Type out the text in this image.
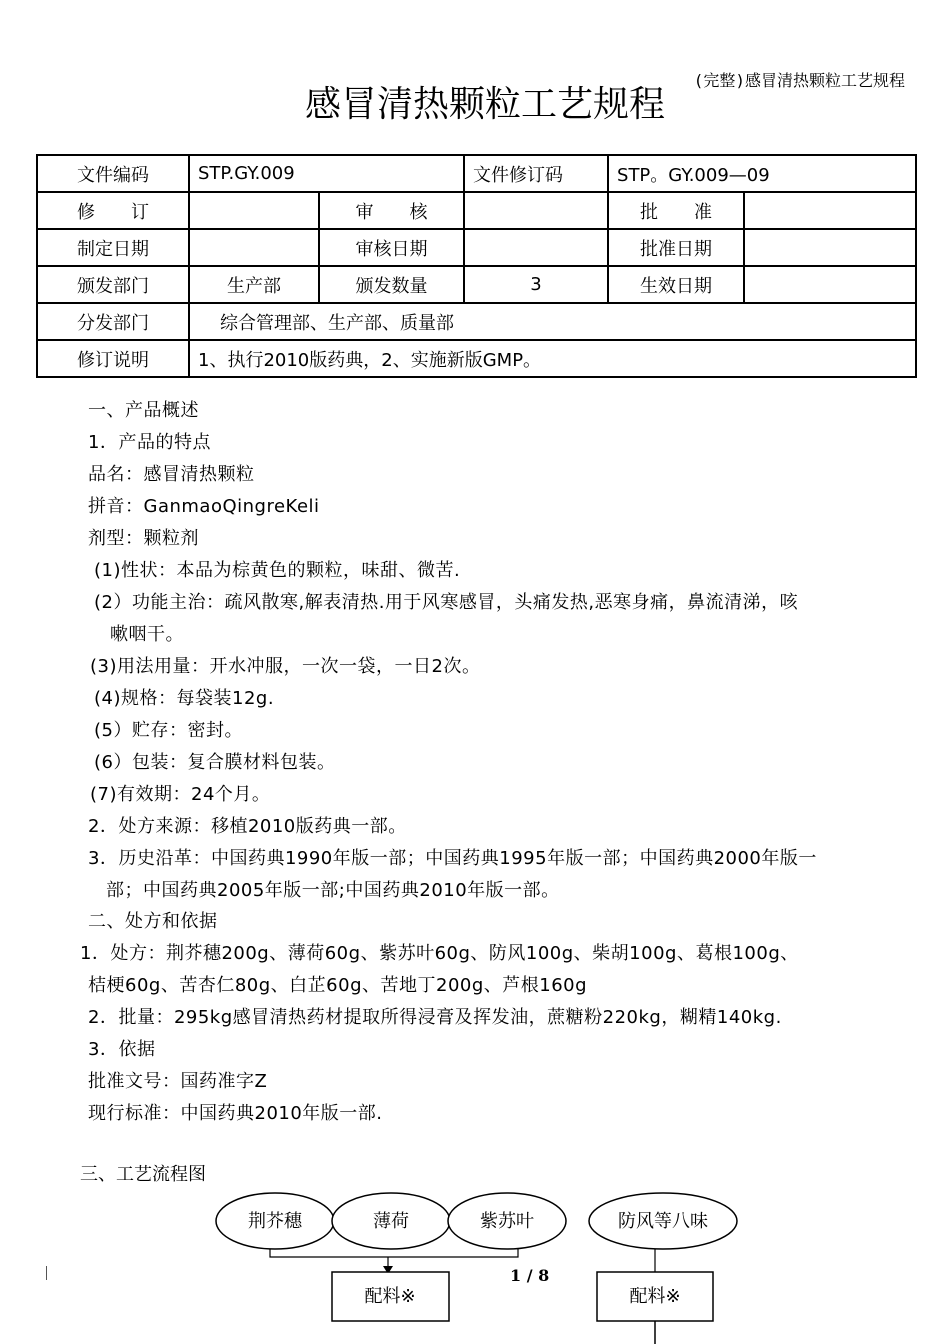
(完整)感冒清热颗粒工艺规程
感冒清热颗粒工艺规程
文件编码	STP.GY.009		文件修订码	STP。GY.009—09	
修　　订		审　　核		批　　准	
制定日期		审核日期		批准日期	
颁发部门	生产部	颁发数量	3	生效日期	
分发部门	综合管理部、生产部、质量部				
修订说明	1、执行2010版药典，2、实施新版GMP。				
一、产品概述
1．产品的特点
品名：感冒清热颗粒
拼音：GanmaoQingreKeli
剂型：颗粒剂
(1)性状：本品为棕黄色的颗粒，味甜、微苦.
(2）功能主治：疏风散寒,解表清热.用于风寒感冒，头痛发热,恶寒身痛，鼻流清涕，咳
嗽咽干。
(3)用法用量：开水冲服，一次一袋，一日2次。
(4)规格：每袋装12g.
(5）贮存：密封。
(6）包装：复合膜材料包装。
(7)有效期：24个月。
2．处方来源：移植2010版药典一部。
3．历史沿革：中国药典1990年版一部；中国药典1995年版一部；中国药典2000年版一
部；中国药典2005年版一部;中国药典2010年版一部。
二、处方和依据
1．处方：荆芥穗200g、薄荷60g、紫苏叶60g、防风100g、柴胡100g、葛根100g、
桔梗60g、苦杏仁80g、白芷60g、苦地丁200g、芦根160g
2．批量：295kg感冒清热药材提取所得浸膏及挥发油，蔗糖粉220kg，糊精140kg.
3．依据
批准文号：国药准字Z
现行标准：中国药典2010年版一部.
三、工艺流程图
荆芥穗	薄荷	紫苏叶	防风等八味
配料※	配料※
1 / 8
